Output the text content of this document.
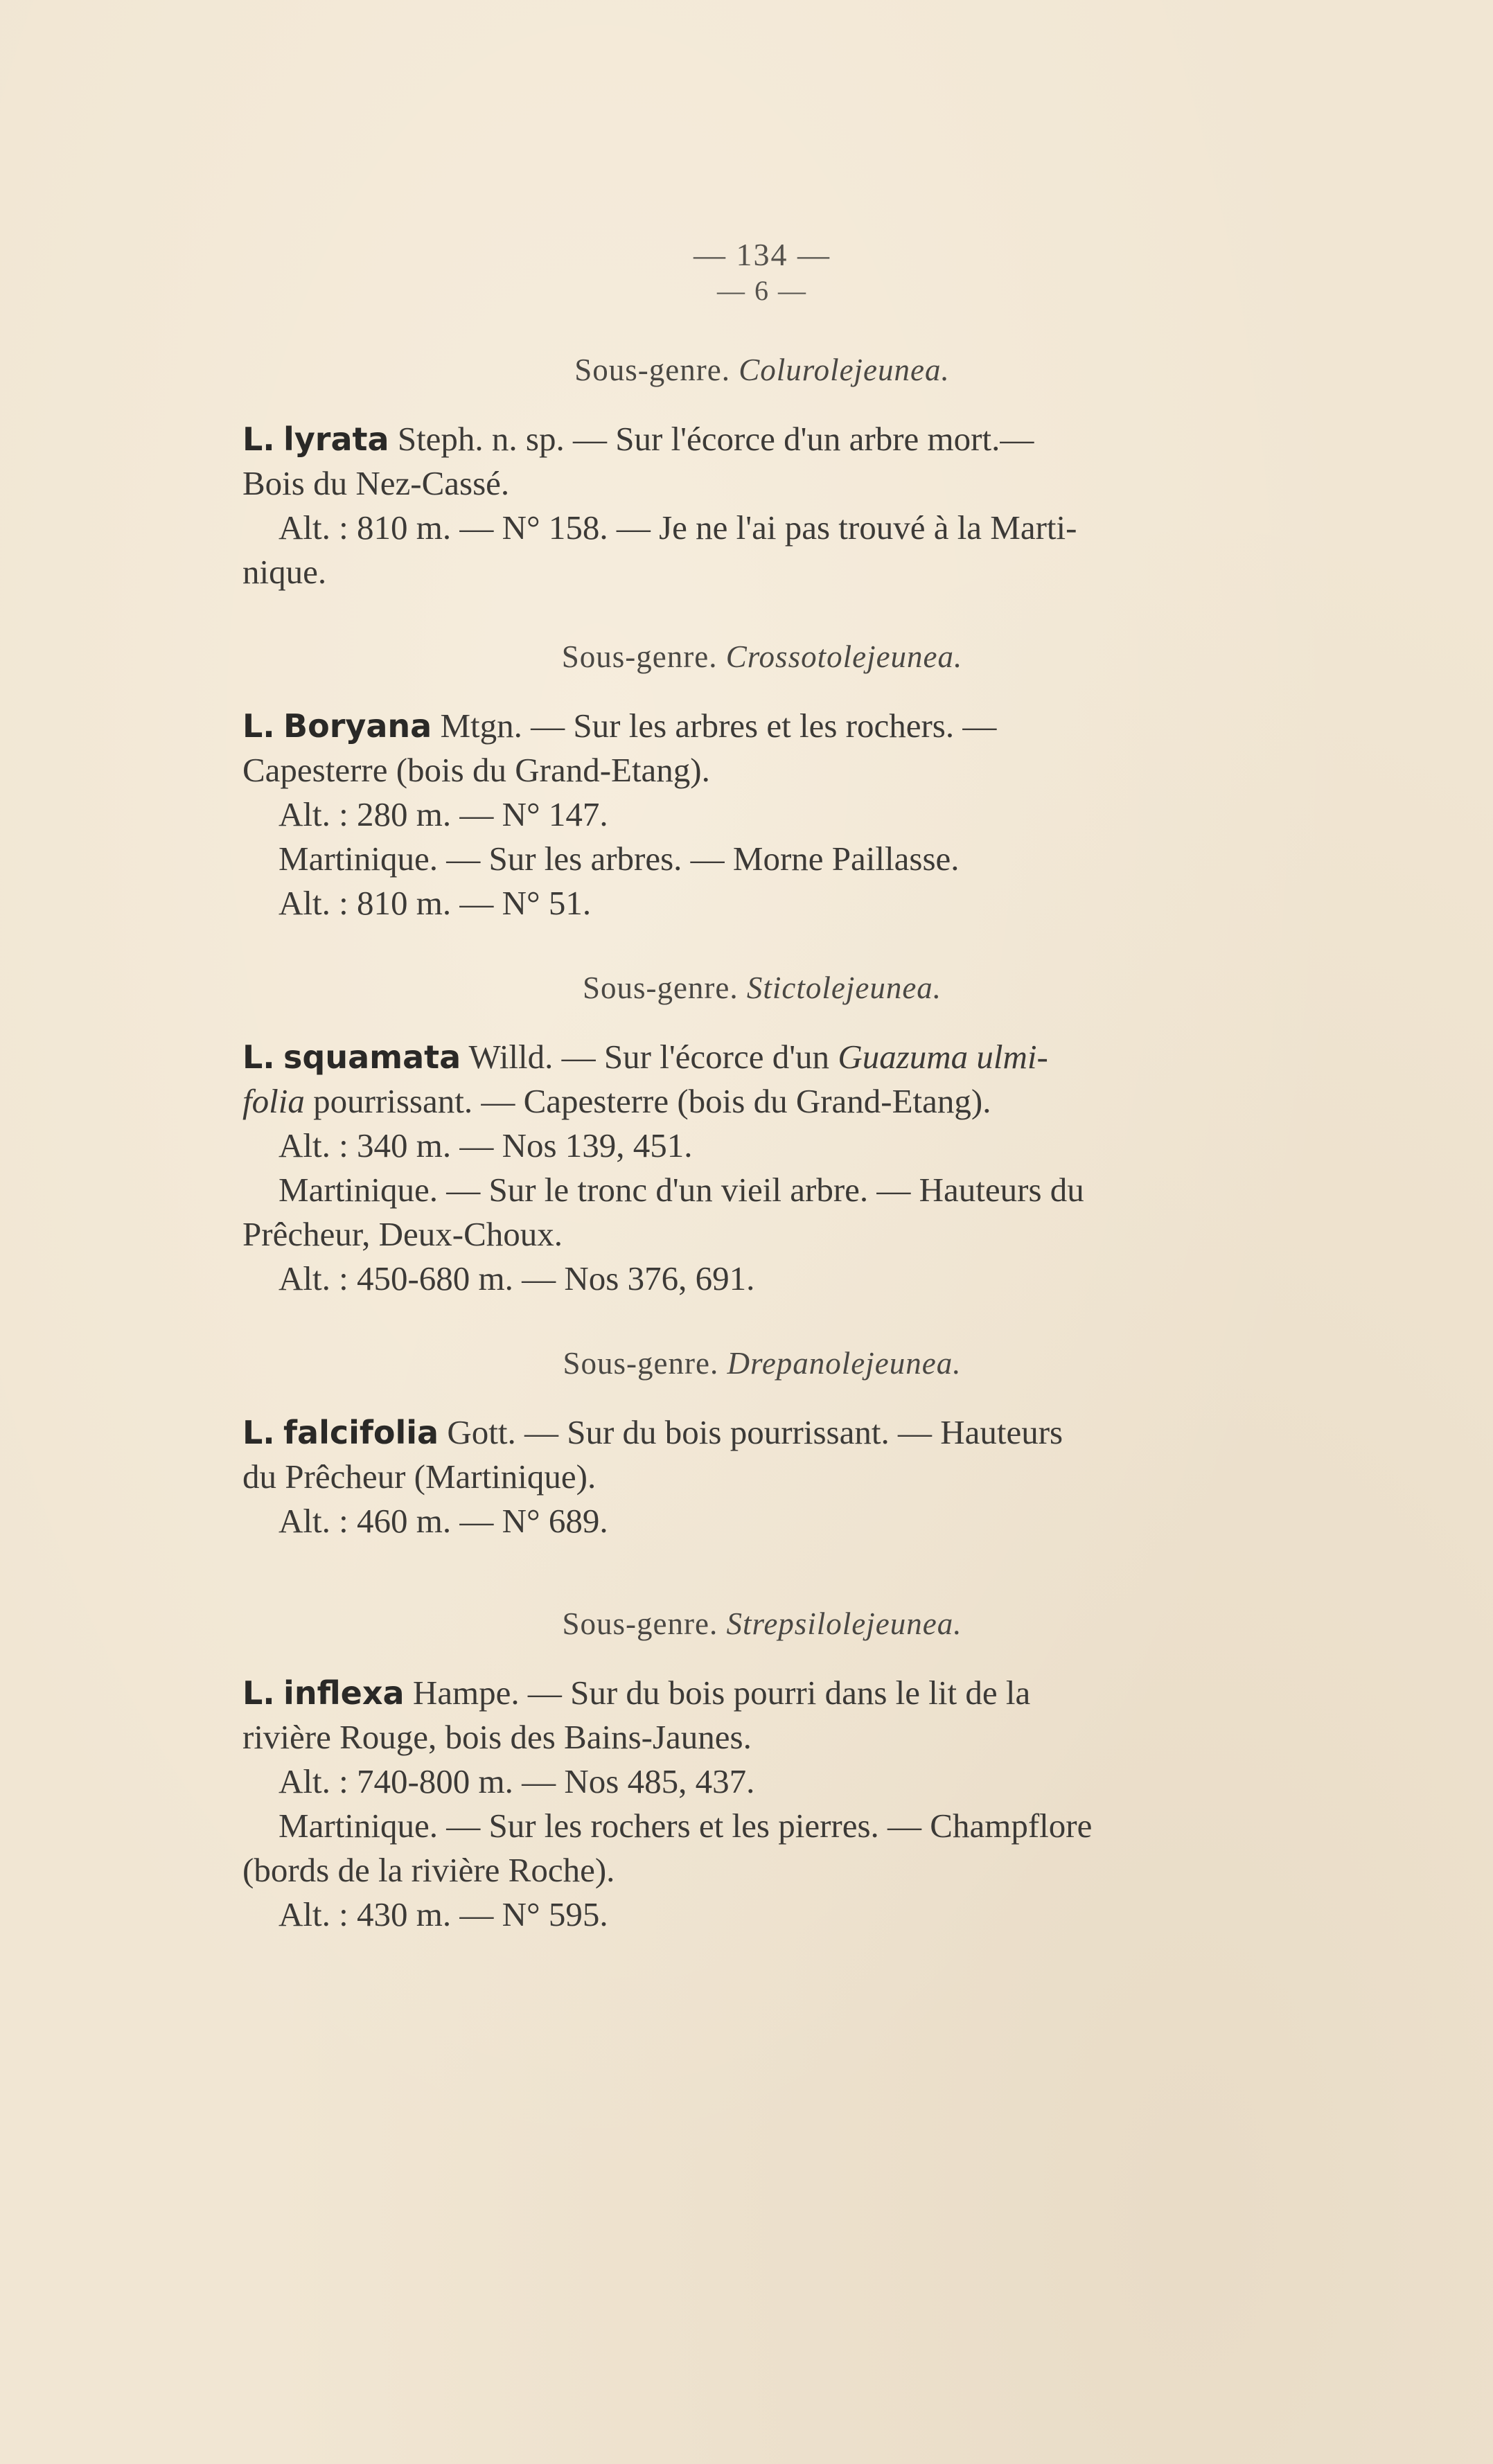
— 134 —
— 6 —
Sous-genre. Colurolejeunea.
L. lyrata Steph. n. sp. — Sur l'écorce d'un arbre mort.—
Bois du Nez-Cassé.
Alt. : 810 m. — N° 158. — Je ne l'ai pas trouvé à la Marti-
nique.
Sous-genre. Crossotolejeunea.
L. Boryana Mtgn. — Sur les arbres et les rochers. —
Capesterre (bois du Grand-Etang).
Alt. : 280 m. — N° 147.
Martinique. — Sur les arbres. — Morne Paillasse.
Alt. : 810 m. — N° 51.
Sous-genre. Stictolejeunea.
L. squamata Willd. — Sur l'écorce d'un Guazuma ulmi-
folia pourrissant. — Capesterre (bois du Grand-Etang).
Alt. : 340 m. — Nos 139, 451.
Martinique. — Sur le tronc d'un vieil arbre. — Hauteurs du
Prêcheur, Deux-Choux.
Alt. : 450-680 m. — Nos 376, 691.
Sous-genre. Drepanolejeunea.
L. falcifolia Gott. — Sur du bois pourrissant. — Hauteurs
du Prêcheur (Martinique).
Alt. : 460 m. — N° 689.
Sous-genre. Strepsilolejeunea.
L. inflexa Hampe. — Sur du bois pourri dans le lit de la
rivière Rouge, bois des Bains-Jaunes.
Alt. : 740-800 m. — Nos 485, 437.
Martinique. — Sur les rochers et les pierres. — Champflore
(bords de la rivière Roche).
Alt. : 430 m. — N° 595.
